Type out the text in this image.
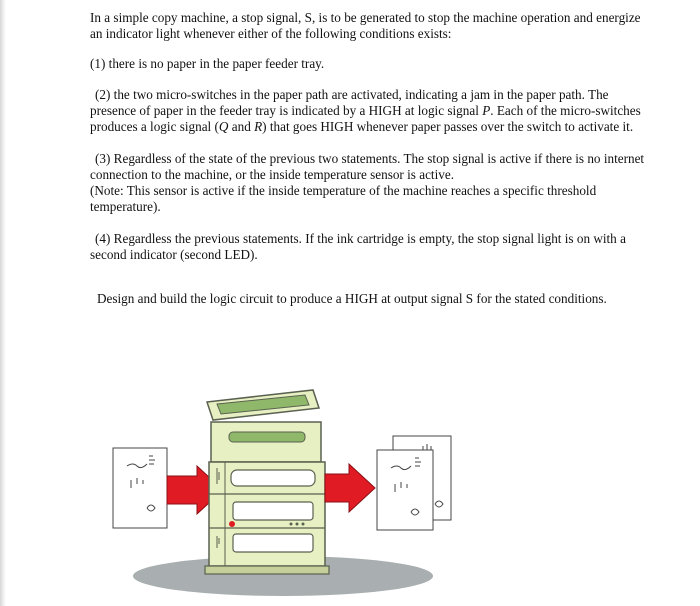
In a simple copy machine, a stop signal, S, is to be generated to stop the machine operation and energize an indicator light whenever either of the following conditions exists:

(1) there is no paper in the paper feeder tray.

(2) the two micro-switches in the paper path are activated, indicating a jam in the paper path. The presence of paper in the feeder tray is indicated by a HIGH at logic signal P. Each of the micro-switches produces a logic signal (Q and R) that goes HIGH whenever paper passes over the switch to activate it.

(3) Regardless of the state of the previous two statements. The stop signal is active if there is no internet connection to the machine, or the inside temperature sensor is active.
(Note: This sensor is active if the inside temperature of the machine reaches a specific threshold temperature).

(4) Regardless the previous statements. If the ink cartridge is empty, the stop signal light is on with a second indicator (second LED).

Design and build the logic circuit to produce a HIGH at output signal S for the stated conditions.
